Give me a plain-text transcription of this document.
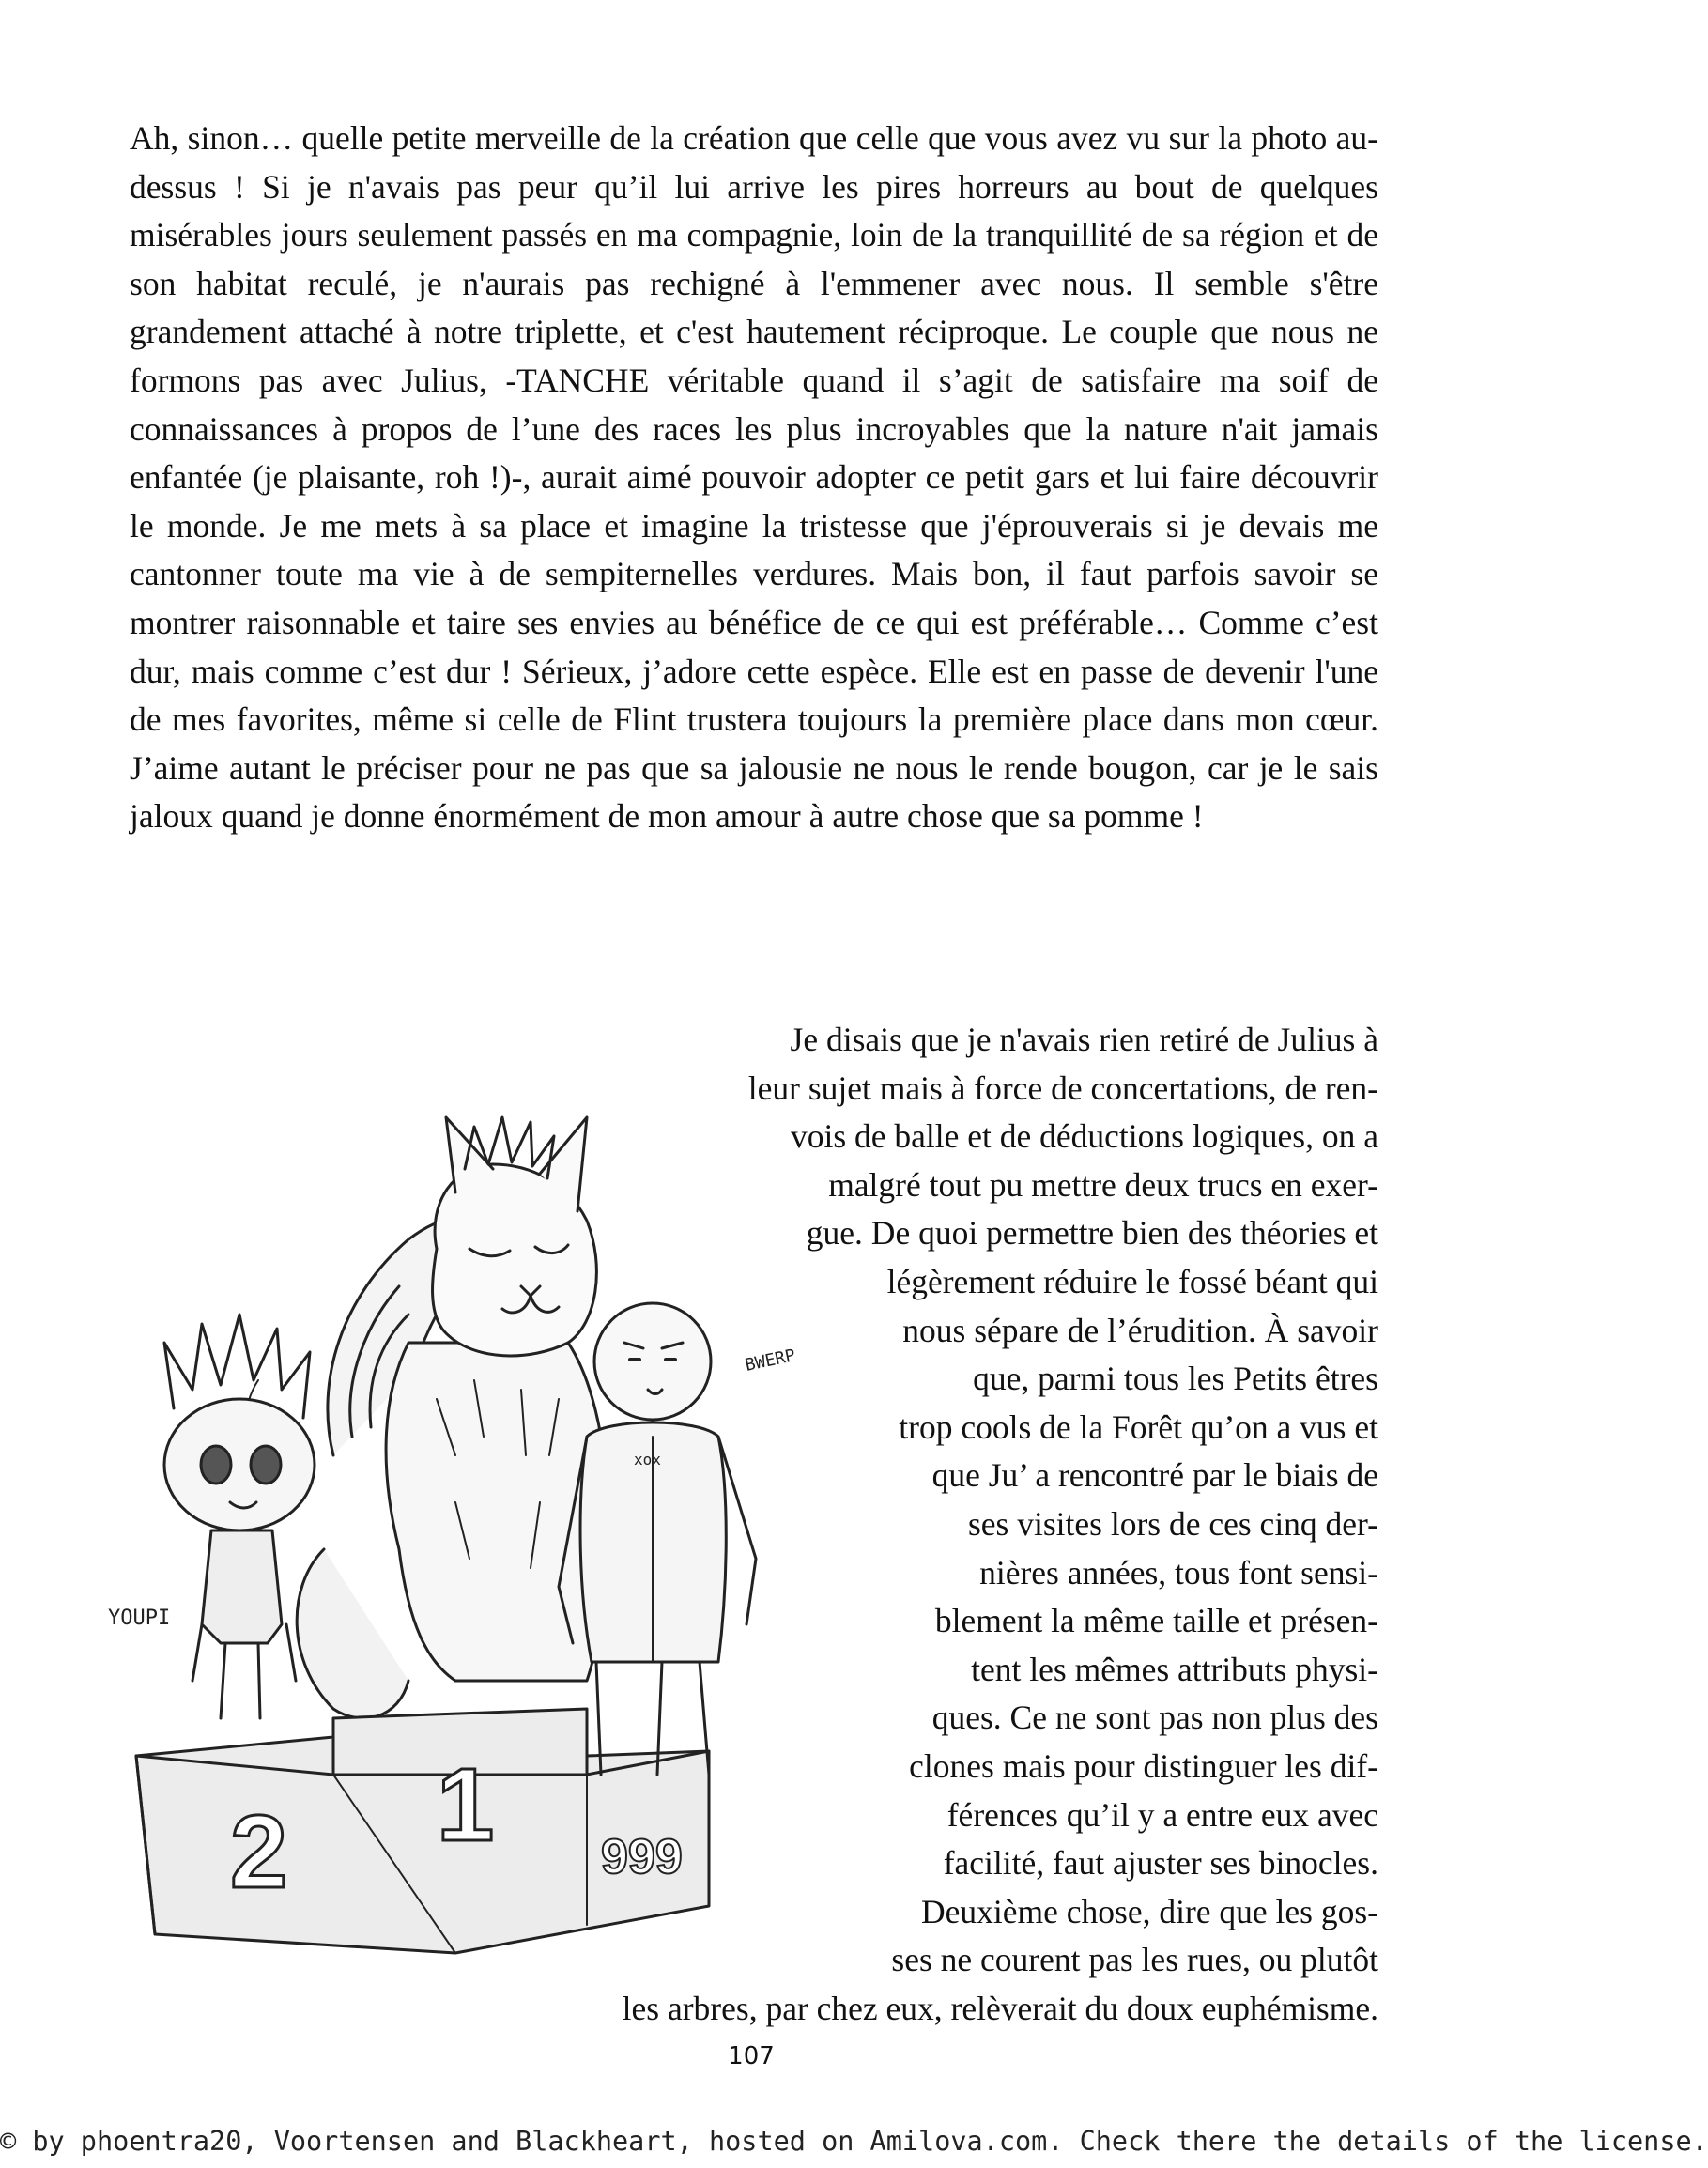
Ah, sinon… quelle petite merveille de la création que celle que vous avez vu sur la photo au-dessus ! Si je n'avais pas peur qu’il lui arrive les pires horreurs au bout de quelques misérables jours seulement passés en ma compagnie, loin de la tranquillité de sa région et de son habitat reculé, je n'aurais pas rechigné à l'emmener avec nous. Il semble s'être grandement attaché à notre triplette, et c'est hautement réciproque. Le couple que nous ne formons pas avec Julius, -TANCHE véritable quand il s’agit de satisfaire ma soif de connaissances à propos de l’une des races les plus incroyables que la nature n'ait jamais enfantée (je plaisante, roh !)-, aurait aimé pouvoir adopter ce petit gars et lui faire découvrir le monde. Je me mets à sa place et imagine la tristesse que j'éprouverais si je devais me cantonner toute ma vie à de sempiternelles verdures. Mais bon, il faut parfois savoir se montrer raisonnable et taire ses envies au bénéfice de ce qui est préférable… Comme c’est dur, mais comme c’est dur ! Sérieux, j’adore cette espèce. Elle est en passe de devenir l'une de mes favorites, même si celle de Flint trustera toujours la première place dans mon cœur. J’aime autant le préciser pour ne pas que sa jalousie ne nous le rende bougon, car je le sais jaloux quand je donne énormément de mon amour à autre chose que sa pomme !

2 1 999
YOUPI
BWERP
xox
Je disais que je n'avais rien retiré de Julius à
leur sujet mais à force de concertations, de ren-
vois de balle et de déductions logiques, on a
malgré tout pu mettre deux trucs en exer-
gue. De quoi permettre bien des théories et
légèrement réduire le fossé béant qui
nous sépare de l’érudition. À savoir
que, parmi tous les Petits êtres
trop cools de la Forêt qu’on a vus et
que Ju’ a rencontré par le biais de
ses visites lors de ces cinq der-
nières années, tous font sensi-
blement la même taille et présen-
tent les mêmes attributs physi-
ques. Ce ne sont pas non plus des
clones mais pour distinguer les dif-
férences qu’il y a entre eux avec
facilité, faut ajuster ses binocles.
Deuxième chose, dire que les gos-
ses ne courent pas les rues, ou plutôt
les arbres, par chez eux, relèverait du doux euphémisme.
107
© by phoentra20, Voortensen and Blackheart, hosted on Amilova.com. Check there the details of the license.
